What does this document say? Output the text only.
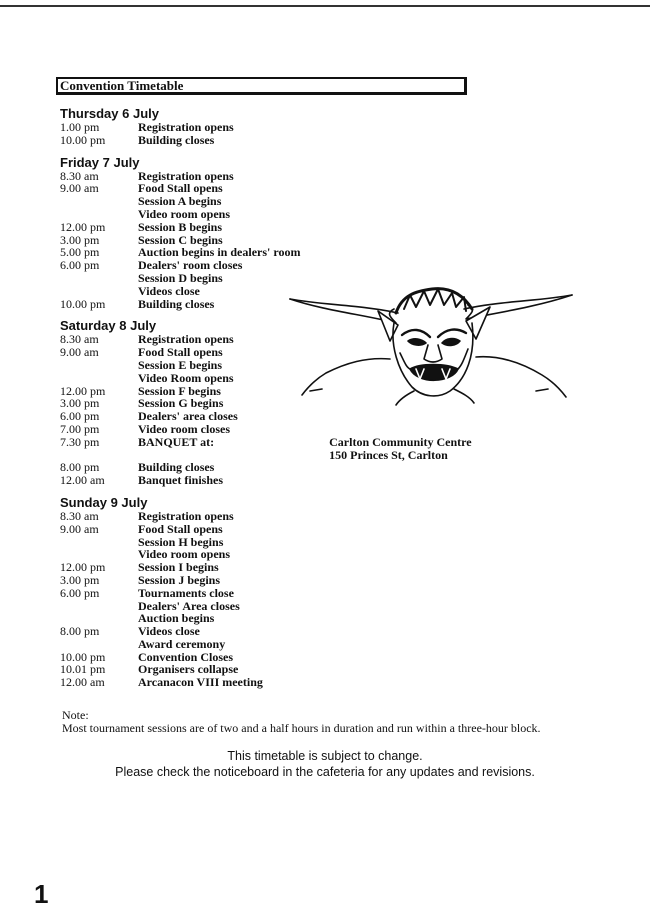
Convention Timetable
Thursday 6 July
1.00 pm	Registration opens
10.00 pm	Building closes
Friday 7 July
8.30 am	Registration opens
9.00 am	Food Stall opens
Session A begins
Video room opens
12.00 pm	Session B begins
3.00 pm	Session C begins
5.00 pm	Auction begins in dealers' room
6.00 pm	Dealers' room closes
Session D begins
Videos close
10.00 pm	Building closes
Saturday 8 July
8.30 am	Registration opens
9.00 am	Food Stall opens
Session E begins
Video Room opens
12.00 pm	Session F begins
3.00 pm	Session G begins
6.00 pm	Dealers' area closes
7.00 pm	Video room closes
7.30 pm	BANQUET at:	Carlton Community Centre
150 Princes St, Carlton
8.00 pm	Building closes
12.00 am	Banquet finishes
Sunday 9 July
8.30 am	Registration opens
9.00 am	Food Stall opens
Session H begins
Video room opens
12.00 pm	Session I begins
3.00 pm	Session J begins
6.00 pm	Tournaments close
Dealers' Area closes
Auction begins
8.00 pm	Videos close
Award ceremony
10.00 pm	Convention Closes
10.01 pm	Organisers collapse
12.00 am	Arcanacon VIII meeting
Note:
Most tournament sessions are of two and a half hours in duration and run within a three-hour block.
This timetable is subject to change.
Please check the noticeboard in the cafeteria for any updates and revisions.
1
